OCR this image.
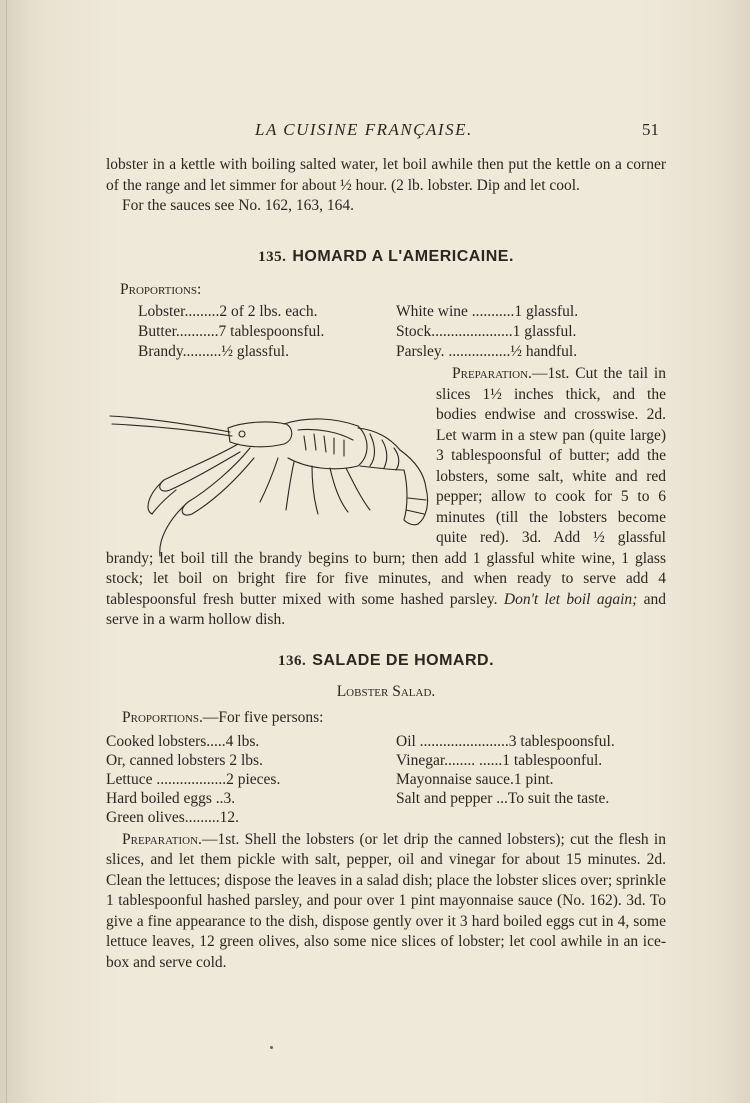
LA CUISINE FRANÇAISE.	51

lobster in a kettle with boiling salted water, let boil awhile then put the kettle on a corner of the range and let simmer for about ½ hour. (2 lb. lobster. Dip and let cool.

For the sauces see No. 162, 163, 164.

135. HOMARD A L'AMERICAINE.
Proportions:
Lobster.........2 of 2 lbs. each.	White wine ...........1 glassful.
Butter...........7 tablespoonsful.	Stock.....................1 glassful.
Brandy..........½ glassful.	Parsley. ................½ handful.

Preparation.—1st. Cut the tail in slices 1½ inches thick, and the bodies endwise and crosswise. 2d. Let warm in a stew pan (quite large) 3 tablespoonsful of butter; add the lobsters, some salt, white and red pepper; allow to cook for 5 to 6 minutes (till the lobsters become quite red). 3d. Add ½ glassful brandy; let boil till the brandy begins to burn; then add 1 glassful white wine, 1 glass stock; let boil on bright fire for five minutes, and when ready to serve add 4 tablespoonsful fresh butter mixed with some hashed parsley. Don't let boil again; and serve in a warm hollow dish.

136. SALADE DE HOMARD.
Lobster Salad.
Proportions.—For five persons:
Cooked lobsters.....4 lbs.	Oil .......................3 tablespoonsful.
Or, canned lobsters 2 lbs.	Vinegar........ ......1 tablespoonful.
Lettuce ..................2 pieces.	Mayonnaise sauce.1 pint.
Hard boiled eggs ..3.	Salt and pepper ...To suit the taste.
Green olives.........12.

Preparation.—1st. Shell the lobsters (or let drip the canned lobsters); cut the flesh in slices, and let them pickle with salt, pepper, oil and vinegar for about 15 minutes. 2d. Clean the lettuces; dispose the leaves in a salad dish; place the lobster slices over; sprinkle 1 tablespoonful hashed parsley, and pour over 1 pint mayonnaise sauce (No. 162). 3d. To give a fine appearance to the dish, dispose gently over it 3 hard boiled eggs cut in 4, some lettuce leaves, 12 green olives, also some nice slices of lobster; let cool awhile in an ice-box and serve cold.
